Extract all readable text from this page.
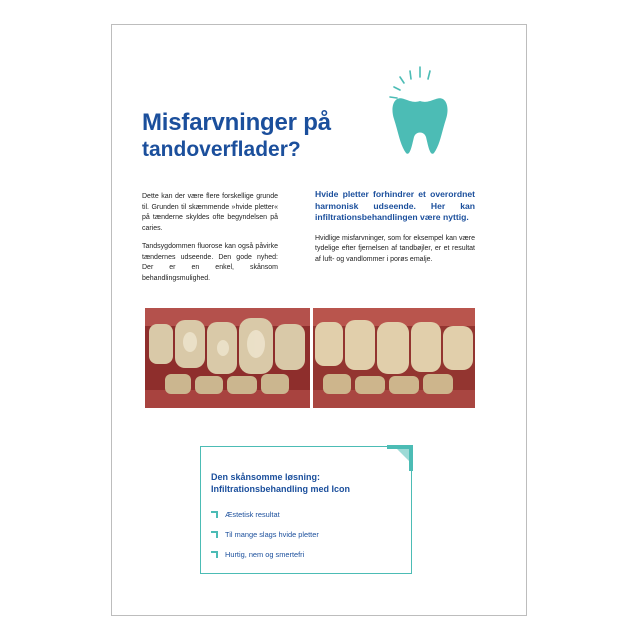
Misfarvninger på
tandoverflader?

Dette kan der være flere forskellige grunde til. Grunden til skæmmende »hvide pletter« på tænderne skyldes ofte begyndelsen på caries.

Tandsygdommen fluorose kan også påvirke tændernes udseende. Den gode nyhed: Der er en enkel, skånsom behandlingsmulighed.

Hvide pletter forhindrer et overordnet harmonisk udseende. Her kan infiltrationsbehandlingen være nyttig.

Hvidlige misfarvninger, som for eksempel kan være tydelige efter fjernelsen af tandbøjler, er et resultat af luft- og vandlommer i porøs emalje.

Den skånsomme løsning:
Infiltrationsbehandling med Icon

Æstetisk resultat
Til mange slags hvide pletter
Hurtig, nem og smertefri
